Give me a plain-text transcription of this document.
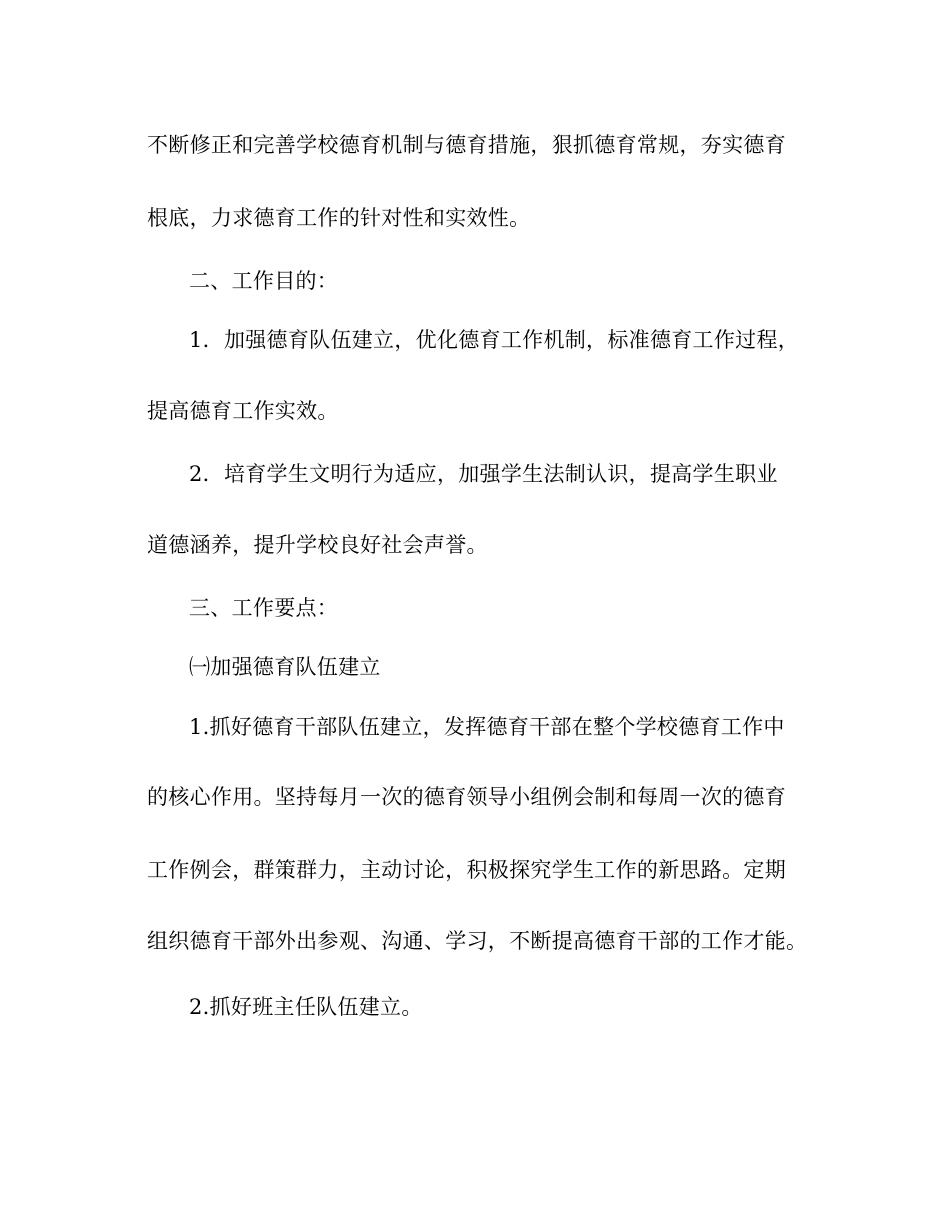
不断修正和完善学校德育机制与德育措施，狠抓德育常规，夯实德育
根底，力求德育工作的针对性和实效性。
二、工作目的：
1．加强德育队伍建立，优化德育工作机制，标准德育工作过程，
提高德育工作实效。
2．培育学生文明行为适应，加强学生法制认识，提高学生职业
道德涵养，提升学校良好社会声誉。
三、工作要点：
㈠加强德育队伍建立
1.抓好德育干部队伍建立，发挥德育干部在整个学校德育工作中
的核心作用。坚持每月一次的德育领导小组例会制和每周一次的德育
工作例会，群策群力，主动讨论，积极探究学生工作的新思路。定期
组织德育干部外出参观、沟通、学习，不断提高德育干部的工作才能。
2.抓好班主任队伍建立。
